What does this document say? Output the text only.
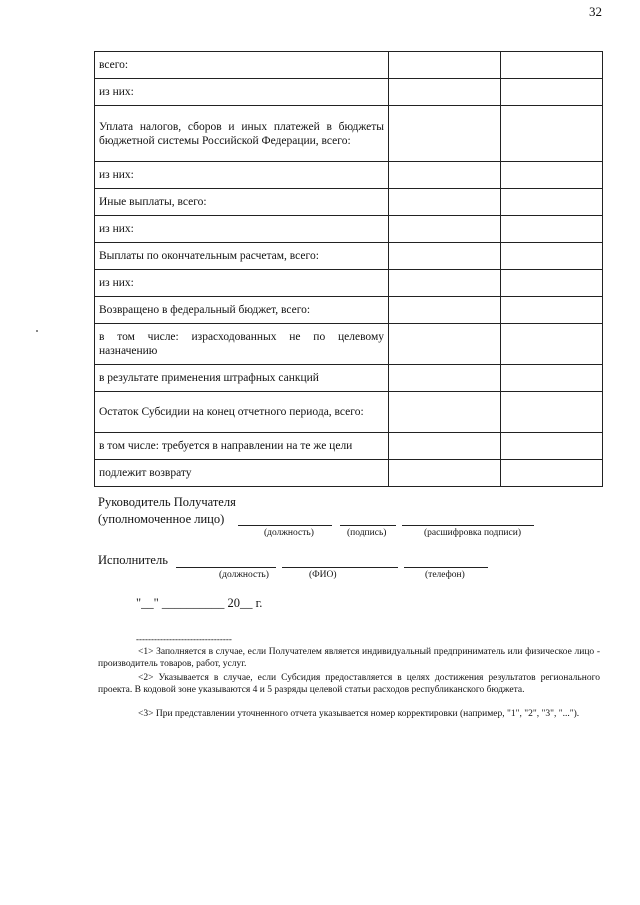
32
всего:		
из них:		
Уплата налогов, сборов и иных платежей в бюджеты бюджетной системы Российской Федерации, всего:		
из них:		
Иные выплаты, всего:		
из них:		
Выплаты по окончательным расчетам, всего:		
из них:		
Возвращено в федеральный бюджет, всего:		
в том числе: израсходованных не по целевому назначению		
в результате применения штрафных санкций		
Остаток Субсидии на конец отчетного периода, всего:		
в том числе: требуется в направлении на те же цели		
подлежит возврату		
Руководитель Получателя
(уполномоченное лицо)
(должность)	(подпись)	(расшифровка подписи)
Исполнитель
(должность)	(ФИО)	(телефон)
"__" __________ 20__ г.
--------------------------------
<1> Заполняется в случае, если Получателем является индивидуальный предприниматель или физическое лицо - производитель товаров, работ, услуг.
<2> Указывается в случае, если Субсидия предоставляется в целях достижения результатов регионального проекта. В кодовой зоне указываются 4 и 5 разряды целевой статьи расходов республиканского бюджета.
<3> При представлении уточненного отчета указывается номер корректировки (например, "1", "2", "3", "...").
